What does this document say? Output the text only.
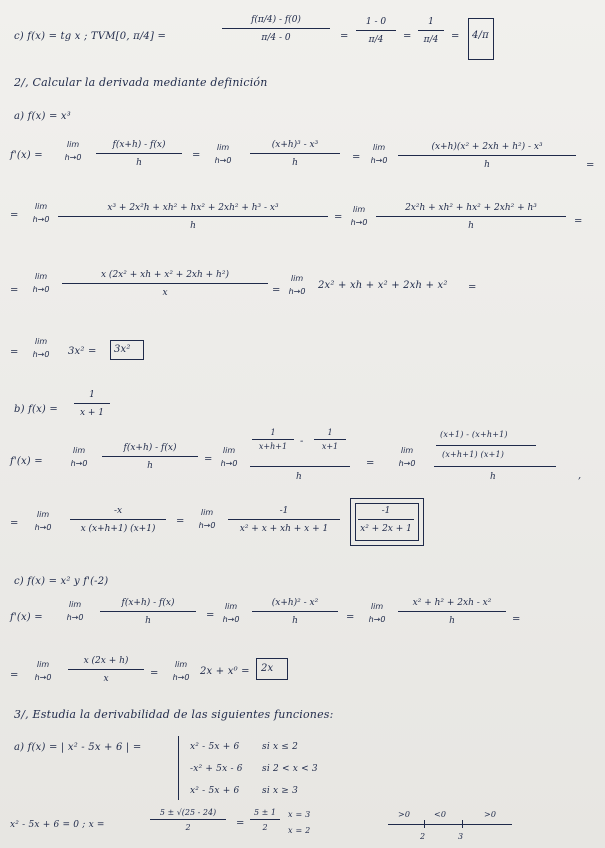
c) f(x) = tg x ; TVM[0, π/4] =
f(π/4) - f(0)
π/4 - 0	=
1 - 0
π/4	=
1
π/4	= 4/π
2/, Calcular la derivada mediante definición
a) f(x) = x³
f'(x) =
lim
h→0
f(x+h) - f(x)
h
=
lim
h→0
(x+h)³ - x³
h	=
lim
h→0
(x+h)(x² + 2xh + h²) - x³
h	=
=
lim
h→0
x³ + 2x²h + xh² + hx² + 2xh² + h³ - x³
h
=
lim
h→0
2x²h + xh² + hx² + 2xh² + h³
h	=
=
lim
h→0
x (2x² + xh + x² + 2xh + h²)
x	=
lim
h→0
2x² + xh + x² + 2xh + x² =
=
lim
h→0	3x² = 3x²
b) f(x) =
1
x + 1
f'(x) =
lim
h→0
f(x+h) - f(x)
h
=
lim
h→0
1
x+h+1	-
1
x+1
h
=
lim
h→0
(x+1) - (x+h+1)
(x+h+1) (x+1)
h	,
=
lim
h→0
-x
x (x+h+1) (x+1)
=
lim
h→0
-1
x² + x + xh + x + 1
-1
x² + 2x + 1
c) f(x) = x² y f'(-2)
f'(x) =
lim
h→0
f(x+h) - f(x)
h	=
lim
h→0
(x+h)² - x²
h	=
lim
h→0
x² + h² + 2xh - x²
h	=
=
lim
h→0
x (2x + h)
x	=
lim
h→0
2x + x⁰ = 2x
3/, Estudia la derivabilidad de las siguientes funciones:
a) f(x) = | x² - 5x + 6 | =	x² - 5x + 6	si x ≤ 2
-x² + 5x - 6 si 2 < x < 3
x² - 5x + 6	si x ≥ 3
x² - 5x + 6 = 0 ; x =
5 ± √(25 - 24)
2	=
5 ± 1
2
x = 3
x = 2
>0	<0	>0
2	3
